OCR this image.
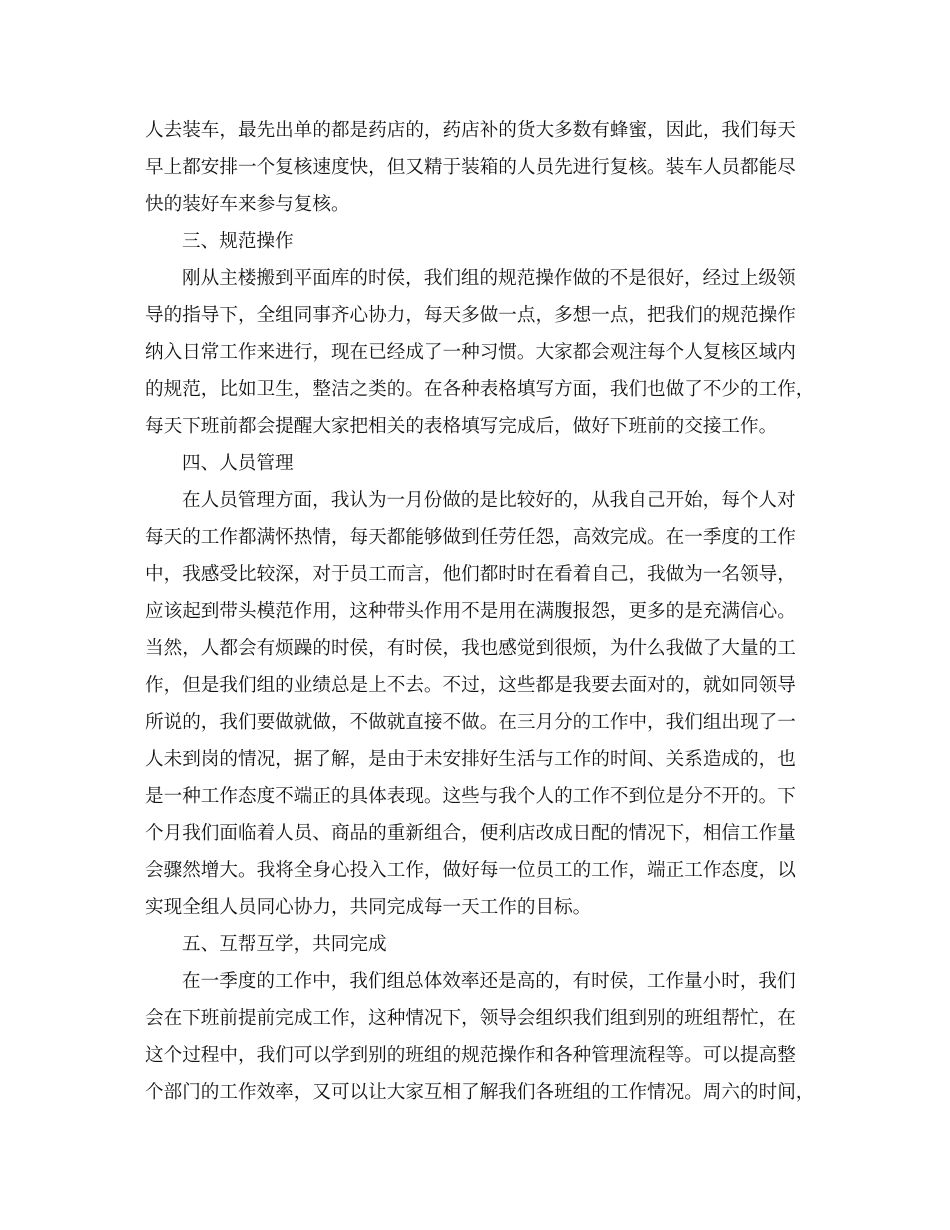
人去装车，最先出单的都是药店的，药店补的货大多数有蜂蜜，因此，我们每天
早上都安排一个复核速度快，但又精于装箱的人员先进行复核。装车人员都能尽
快的装好车来参与复核。
三、规范操作
刚从主楼搬到平面库的时侯，我们组的规范操作做的不是很好，经过上级领
导的指导下，全组同事齐心协力，每天多做一点，多想一点，把我们的规范操作
纳入日常工作来进行，现在已经成了一种习惯。大家都会观注每个人复核区域内
的规范，比如卫生，整洁之类的。在各种表格填写方面，我们也做了不少的工作，
每天下班前都会提醒大家把相关的表格填写完成后，做好下班前的交接工作。
四、人员管理
在人员管理方面，我认为一月份做的是比较好的，从我自己开始，每个人对
每天的工作都满怀热情，每天都能够做到任劳任怨，高效完成。在一季度的工作
中，我感受比较深，对于员工而言，他们都时时在看着自己，我做为一名领导，
应该起到带头模范作用，这种带头作用不是用在满腹报怨，更多的是充满信心。
当然，人都会有烦躁的时侯，有时侯，我也感觉到很烦，为什么我做了大量的工
作，但是我们组的业绩总是上不去。不过，这些都是我要去面对的，就如同领导
所说的，我们要做就做，不做就直接不做。在三月分的工作中，我们组出现了一
人未到岗的情况，据了解，是由于未安排好生活与工作的时间、关系造成的，也
是一种工作态度不端正的具体表现。这些与我个人的工作不到位是分不开的。下
个月我们面临着人员、商品的重新组合，便利店改成日配的情况下，相信工作量
会骤然增大。我将全身心投入工作，做好每一位员工的工作，端正工作态度，以
实现全组人员同心协力，共同完成每一天工作的目标。
五、互帮互学，共同完成
在一季度的工作中，我们组总体效率还是高的，有时侯，工作量小时，我们
会在下班前提前完成工作，这种情况下，领导会组织我们组到别的班组帮忙，在
这个过程中，我们可以学到别的班组的规范操作和各种管理流程等。可以提高整
个部门的工作效率，又可以让大家互相了解我们各班组的工作情况。周六的时间，
